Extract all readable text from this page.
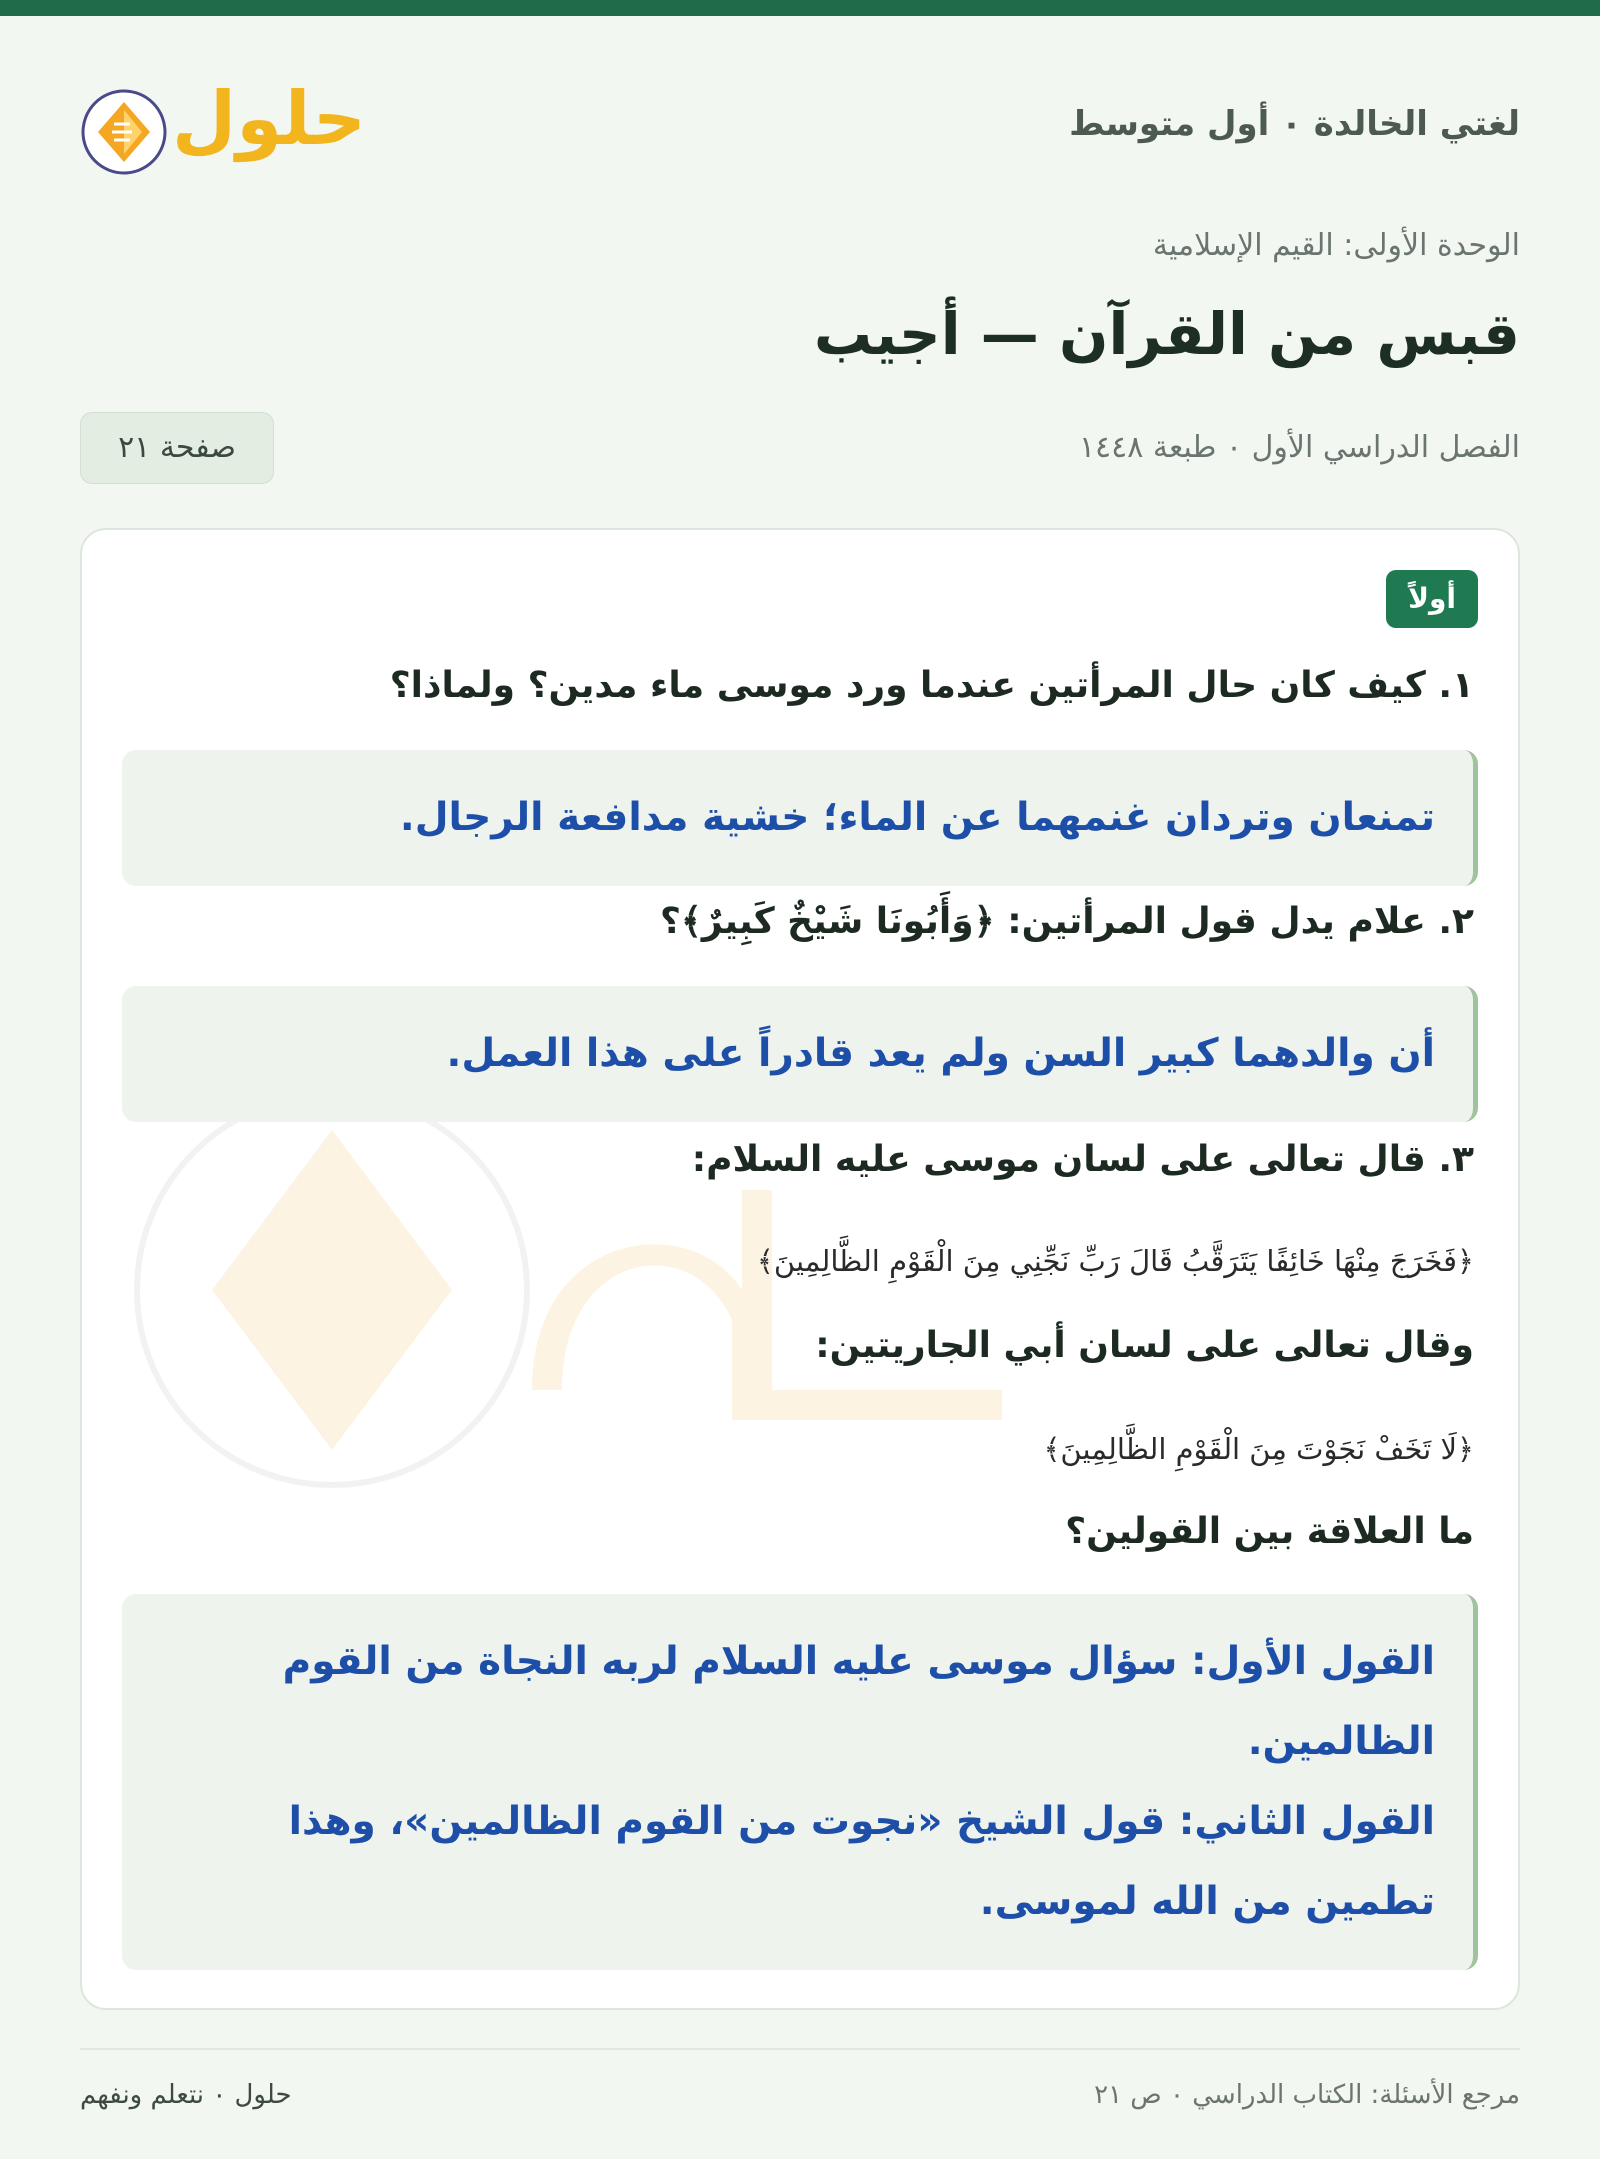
لغتي الخالدة ۰ أول متوسط
حلول
الوحدة الأولى: القيم الإسلامية
قبس من القرآن — أجيب
الفصل الدراسي الأول ۰ طبعة ١٤٤٨
صفحة ٢١
أولاً
١. كيف كان حال المرأتين عندما ورد موسى ماء مدين؟ ولماذا؟
تمنعان وتردان غنمهما عن الماء؛ خشية مدافعة الرجال.
٢. علام يدل قول المرأتين: ﴿وَأَبُونَا شَيْخٌ كَبِيرٌ﴾؟
أن والدهما كبير السن ولم يعد قادراً على هذا العمل.
٣. قال تعالى على لسان موسى عليه السلام:
﴿فَخَرَجَ مِنْهَا خَائِفًا يَتَرَقَّبُ قَالَ رَبِّ نَجِّنِي مِنَ الْقَوْمِ الظَّالِمِينَ﴾
وقال تعالى على لسان أبي الجاريتين:
﴿لَا تَخَفْ نَجَوْتَ مِنَ الْقَوْمِ الظَّالِمِينَ﴾
ما العلاقة بين القولين؟
القول الأول: سؤال موسى عليه السلام لربه النجاة من القوم
الظالمين.
القول الثاني: قول الشيخ «نجوت من القوم الظالمين»، وهذا
تطمين من الله لموسى.
مرجع الأسئلة: الكتاب الدراسي ۰ ص ٢١
حلول ۰ نتعلم ونفهم
